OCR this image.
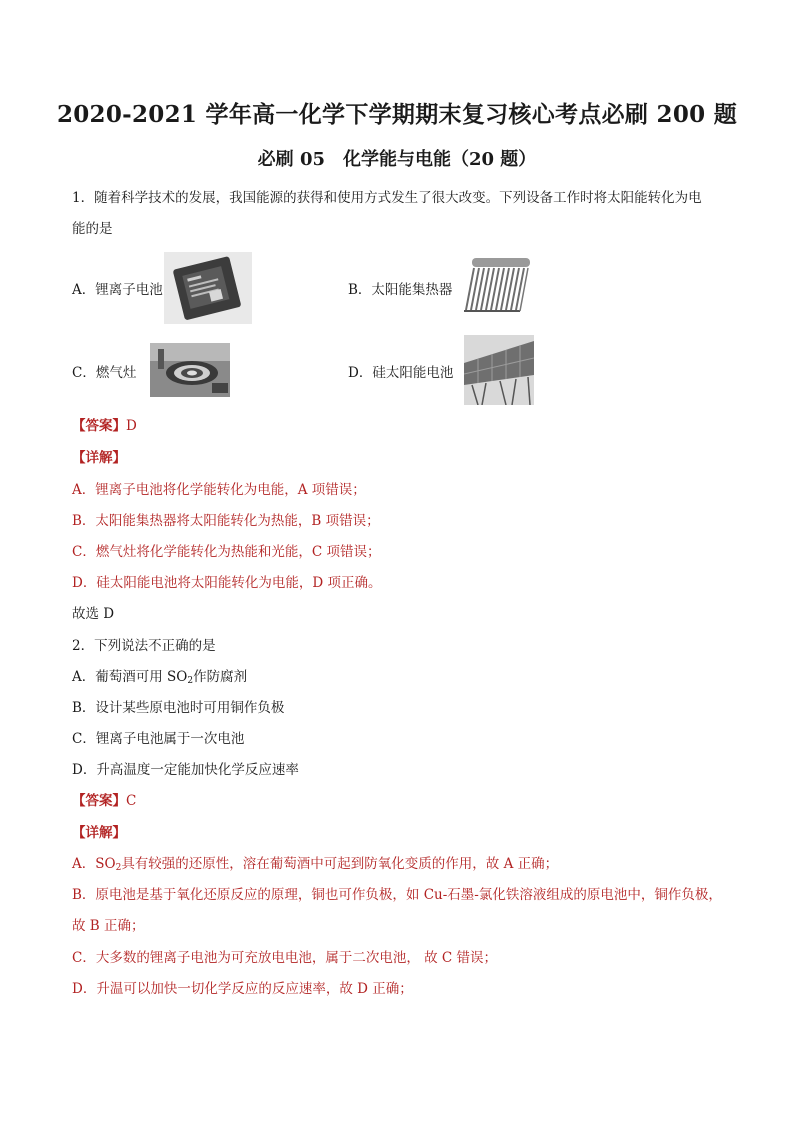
2020-2021 学年高一化学下学期期末复习核心考点必刷 200 题
必刷 05　化学能与电能（20 题）
1．随着科学技术的发展，我国能源的获得和使用方式发生了很大改变。下列设备工作时将太阳能转化为电
能的是
A．锂离子电池	B．太阳能集热器
C．燃气灶	D．硅太阳能电池
【答案】D
【详解】
A．锂离子电池将化学能转化为电能，A 项错误；
B．太阳能集热器将太阳能转化为热能，B 项错误；
C．燃气灶将化学能转化为热能和光能，C 项错误；
D．硅太阳能电池将太阳能转化为电能，D 项正确。
故选 D
2．下列说法不正确的是
A．葡萄酒可用 $SO_2$作防腐剂
B．设计某些原电池时可用铜作负极
C．锂离子电池属于一次电池
D．升高温度一定能加快化学反应速率
【答案】C
【详解】
A．$SO_2$具有较强的还原性，溶在葡萄酒中可起到防氧化变质的作用，故 A 正确；
B．原电池是基于氧化还原反应的原理，铜也可作负极，如 Cu-石墨-氯化铁溶液组成的原电池中，铜作负极，
故 B 正确；
C．大多数的锂离子电池为可充放电电池，属于二次电池， 故 C 错误；
D．升温可以加快一切化学反应的反应速率，故 D 正确；
